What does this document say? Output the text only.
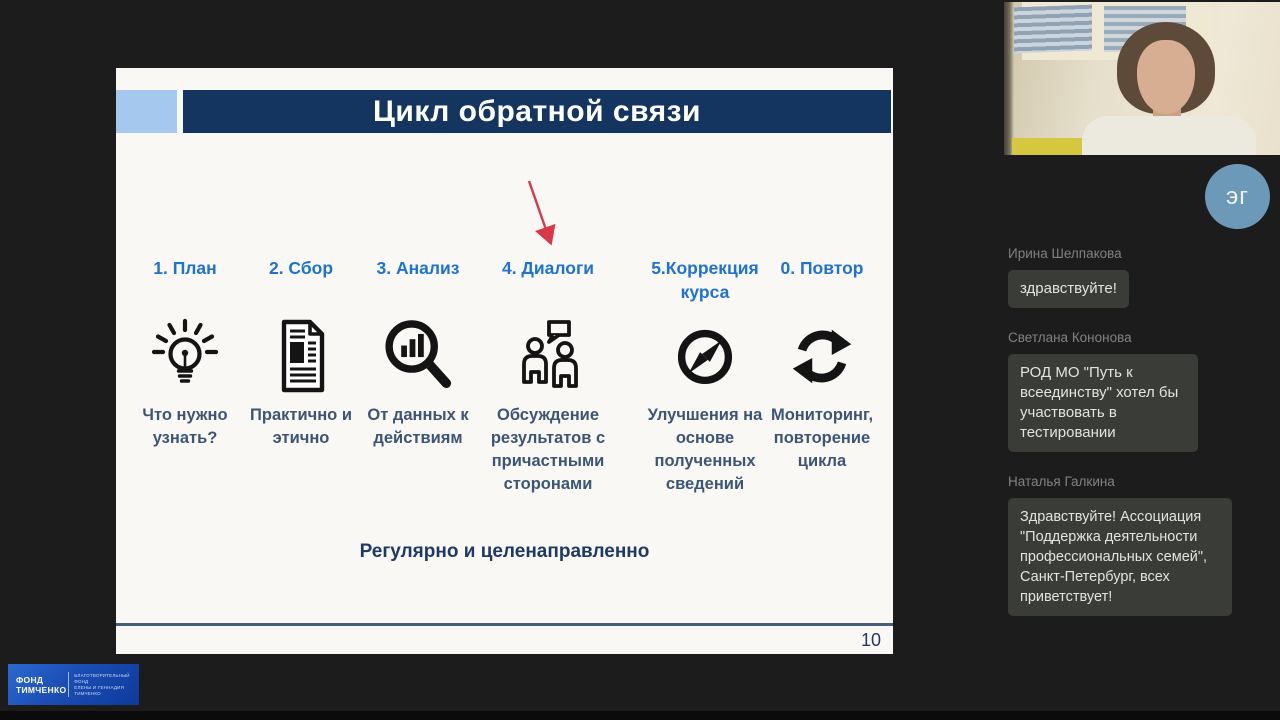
Цикл обратной связи
1. План
Что нужно узнать?
2. Сбор
Практично и этично
3. Анализ
От данных к действиям
4. Диалоги
Обсуждение результатов с причастными сторонами
5.Коррекция курса
Улучшения на основе полученных сведений
0. Повтор
Мониторинг, повторение цикла
Регулярно и целенаправленно
10
эг
Ирина Шелпакова
здравствуйте!
Светлана Кононова
РОД МО "Путь к всеединству" хотел бы участвовать в тестировании
Наталья Галкина
Здравствуйте! Ассоциация "Поддержка деятельности профессиональных семей", Санкт-Петербург, всех приветствует!
ФОНД
ТИМЧЕНКО
БЛАГОТВОРИТЕЛЬНЫЙ ФОНД
ЕЛЕНЫ И ГЕННАДИЯ
ТИМЧЕНКО
